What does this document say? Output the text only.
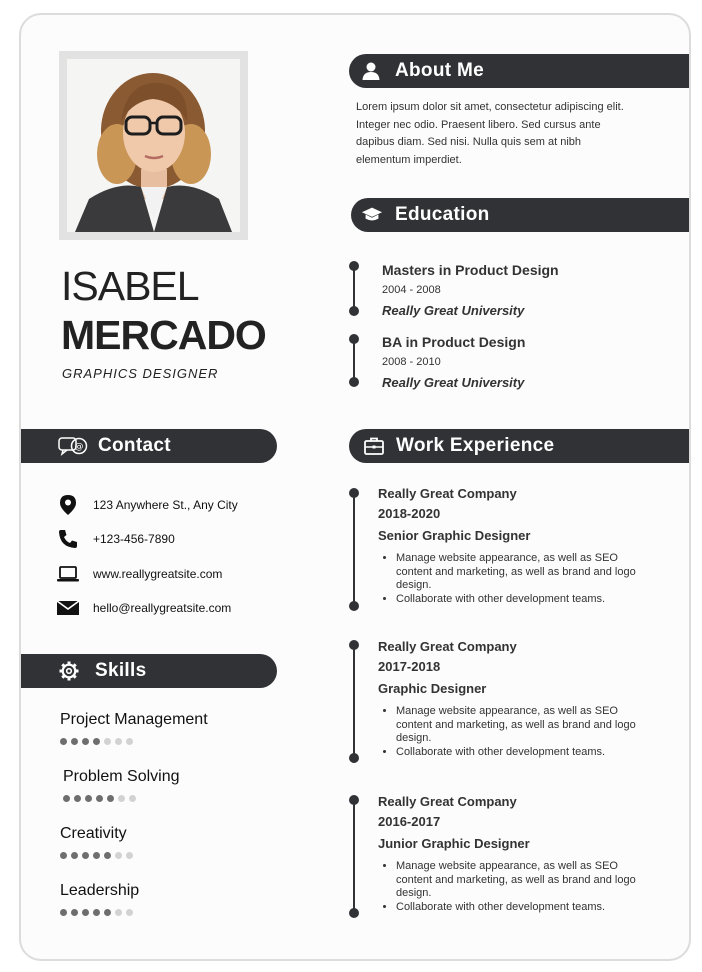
ISABEL
MERCADO
GRAPHICS DESIGNER
About Me
Lorem ipsum dolor sit amet, consectetur adipiscing elit. Integer nec odio. Praesent libero. Sed cursus ante dapibus diam. Sed nisi. Nulla quis sem at nibh elementum imperdiet.
Education
Masters in Product Design
2004 - 2008
Really Great University
BA in Product Design
2008 - 2010
Really Great University
@ Contact
123 Anywhere St., Any City
+123-456-7890
www.reallygreatsite.com
hello@reallygreatsite.com
Skills
Project Management
Problem Solving
Creativity
Leadership
Work Experience
Really Great Company
2018-2020
Senior Graphic Designer
• Manage website appearance, as well as SEO content and marketing, as well as brand and logo design.
• Collaborate with other development teams.
Really Great Company
2017-2018
Graphic Designer
• Manage website appearance, as well as SEO content and marketing, as well as brand and logo design.
• Collaborate with other development teams.
Really Great Company
2016-2017
Junior Graphic Designer
• Manage website appearance, as well as SEO content and marketing, as well as brand and logo design.
• Collaborate with other development teams.
